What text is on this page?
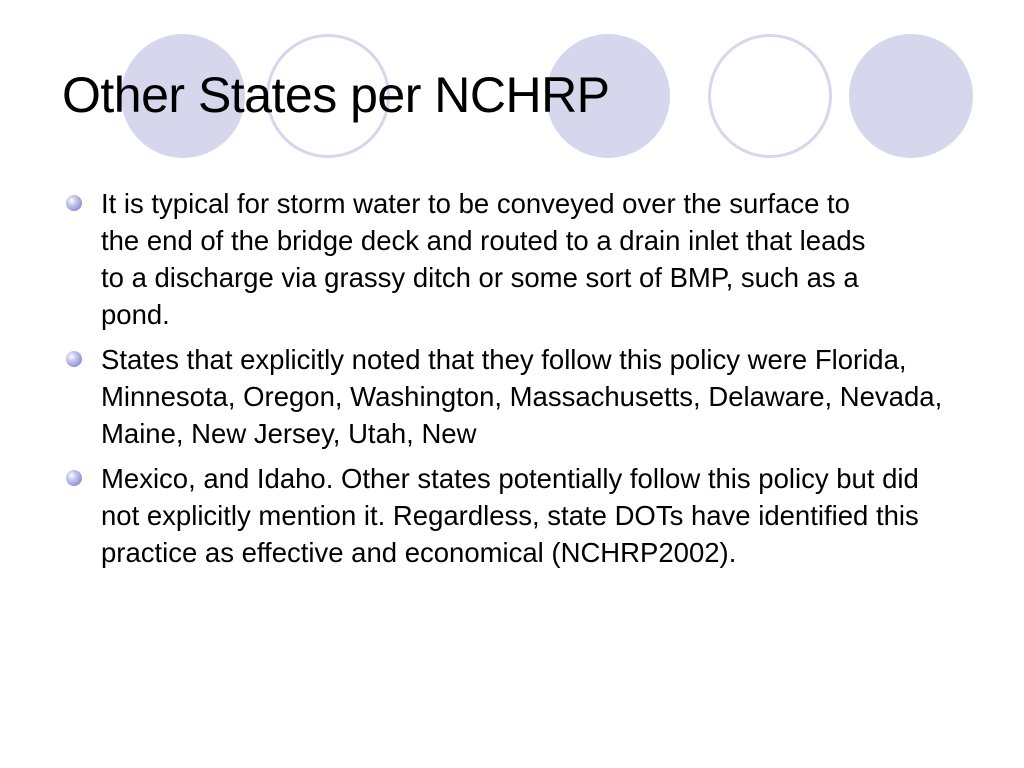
Other States per NCHRP
It is typical for storm water to be conveyed over the surface to the end of the bridge deck and routed to a drain inlet that leads to a discharge via grassy ditch or some sort of BMP, such as a pond.
States that explicitly noted that they follow this policy were Florida, Minnesota, Oregon, Washington, Massachusetts, Delaware, Nevada, Maine, New Jersey, Utah, New
Mexico, and Idaho. Other states potentially follow this policy but did not explicitly mention it. Regardless, state DOTs have identified this practice as effective and economical (NCHRP2002).
